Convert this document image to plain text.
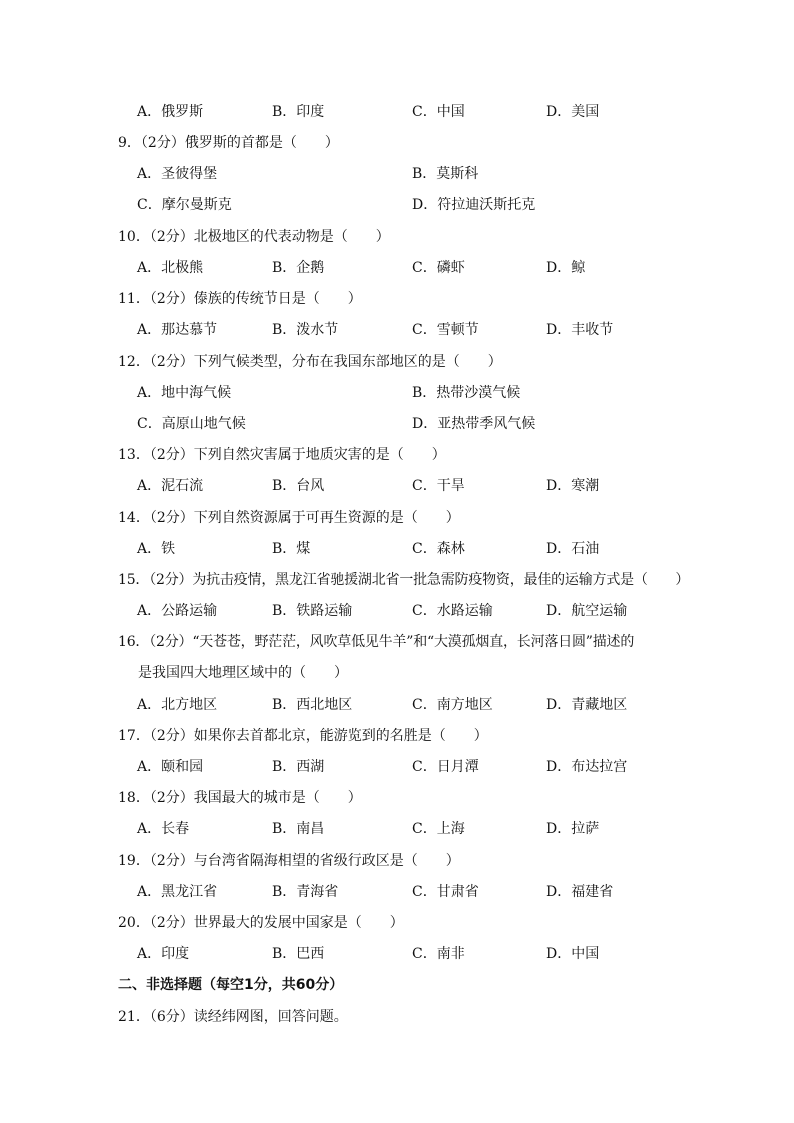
A．俄罗斯	B．印度	C．中国	D．美国
9．（2分）俄罗斯的首都是（　　）
A．圣彼得堡	B．莫斯科
C．摩尔曼斯克	D．符拉迪沃斯托克
10．（2分）北极地区的代表动物是（　　）
A．北极熊	B．企鹅	C．磷虾	D．鲸
11．（2分）傣族的传统节日是（　　）
A．那达慕节	B．泼水节	C．雪顿节	D．丰收节
12．（2分）下列气候类型，分布在我国东部地区的是（　　）
A．地中海气候	B．热带沙漠气候
C．高原山地气候	D．亚热带季风气候
13．（2分）下列自然灾害属于地质灾害的是（　　）
A．泥石流	B．台风	C．干旱	D．寒潮
14．（2分）下列自然资源属于可再生资源的是（　　）
A．铁	B．煤	C．森林	D．石油
15．（2分）为抗击疫情，黑龙江省驰援湖北省一批急需防疫物资，最佳的运输方式是（　　）
A．公路运输	B．铁路运输	C．水路运输	D．航空运输
16．（2分）“天苍苍，野茫茫，风吹草低见牛羊”和“大漠孤烟直，长河落日圆”描述的
是我国四大地理区域中的（　　）
A．北方地区	B．西北地区	C．南方地区	D．青藏地区
17．（2分）如果你去首都北京，能游览到的名胜是（　　）
A．颐和园	B．西湖	C．日月潭	D．布达拉宫
18．（2分）我国最大的城市是（　　）
A．长春	B．南昌	C．上海	D．拉萨
19．（2分）与台湾省隔海相望的省级行政区是（　　）
A．黑龙江省	B．青海省	C．甘肃省	D．福建省
20．（2分）世界最大的发展中国家是（　　）
A．印度	B．巴西	C．南非	D．中国
二、非选择题（每空1分，共60分）
21．（6分）读经纬网图，回答问题。
